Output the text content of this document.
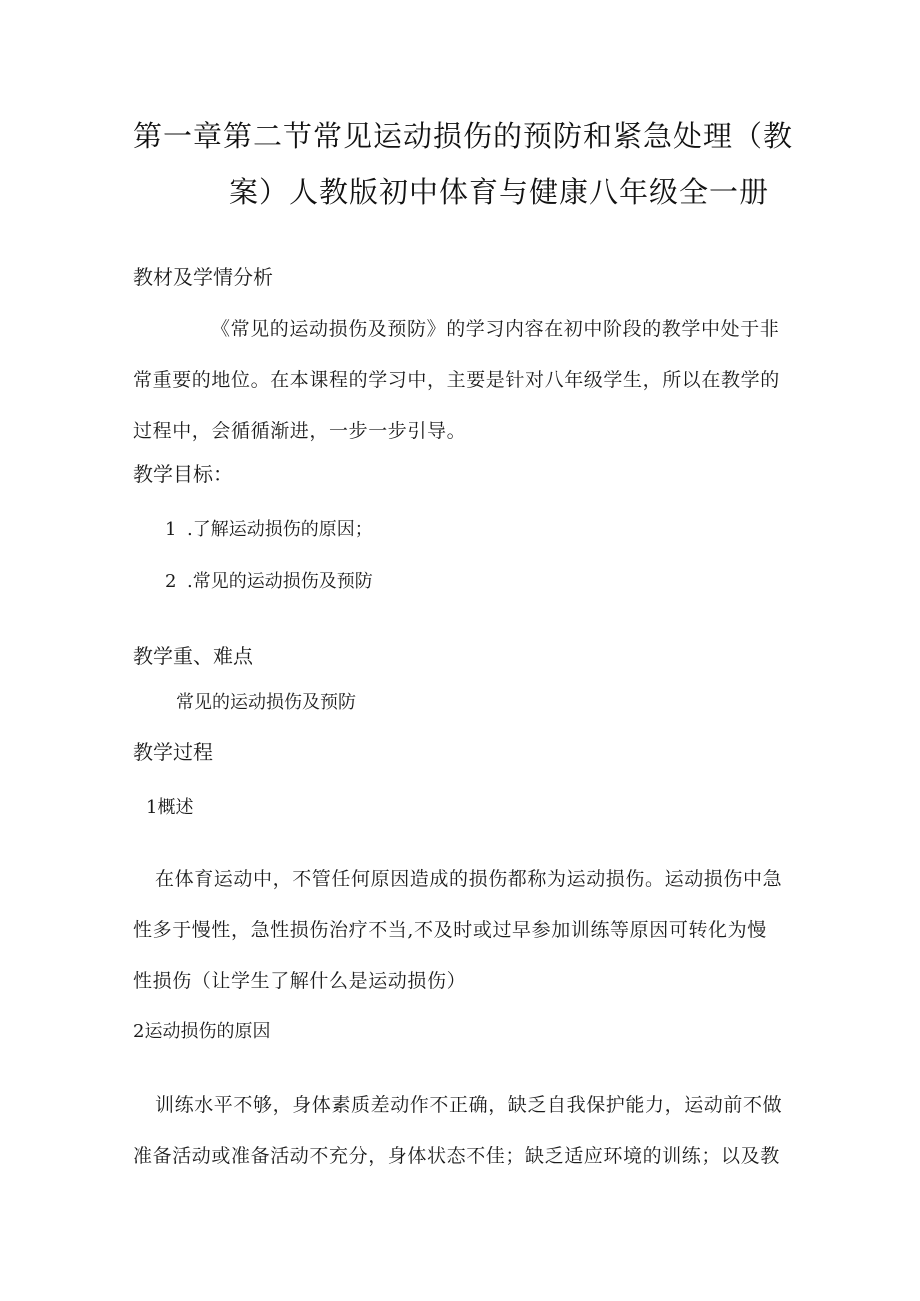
第一章第二节常见运动损伤的预防和紧急处理（教
案）人教版初中体育与健康八年级全一册
教材及学情分析
《常见的运动损伤及预防》的学习内容在初中阶段的教学中处于非
常重要的地位。在本课程的学习中，主要是针对八年级学生，所以在教学的
过程中，会循循渐进，一步一步引导。
教学目标：
1 .了解运动损伤的原因；
2 .常见的运动损伤及预防
教学重、难点
常见的运动损伤及预防
教学过程
1概述
在体育运动中，不管任何原因造成的损伤都称为运动损伤。运动损伤中急
性多于慢性，急性损伤治疗不当,不及时或过早参加训练等原因可转化为慢
性损伤（让学生了解什么是运动损伤）
2运动损伤的原因
训练水平不够，身体素质差动作不正确，缺乏自我保护能力，运动前不做
准备活动或准备活动不充分，身体状态不佳；缺乏适应环境的训练；以及教
